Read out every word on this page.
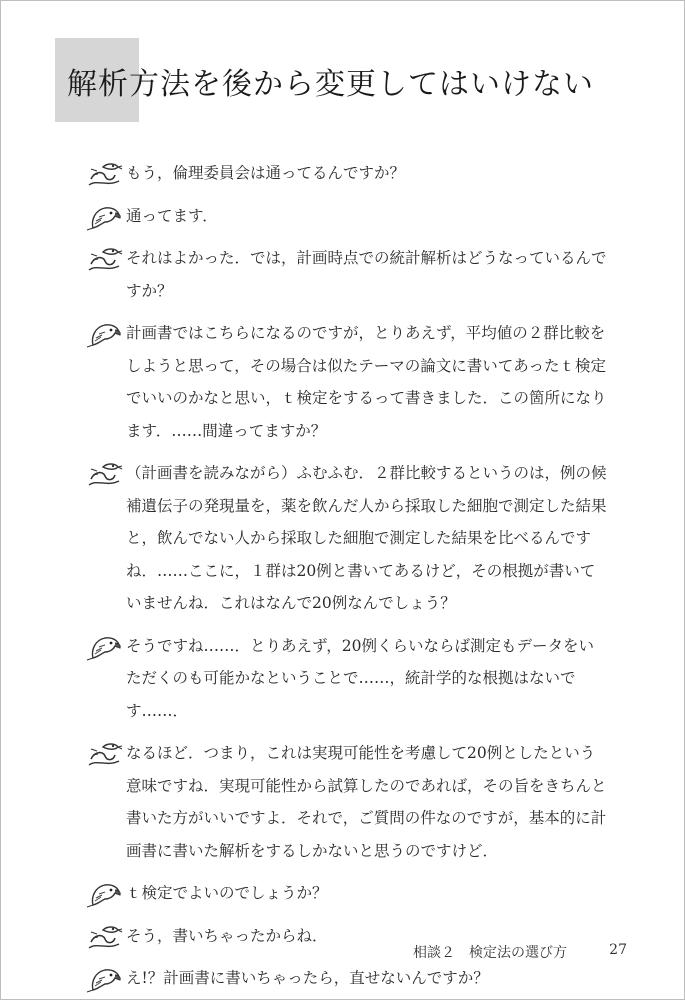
解析方法を後から変更してはいけない

もう，倫理委員会は通ってるんですか？

通ってます．

それはよかった．では，計画時点での統計解析はどうなっているんですか？

計画書ではこちらになるのですが，とりあえず，平均値の２群比較をしようと思って，その場合は似たテーマの論文に書いてあったｔ検定でいいのかなと思い，ｔ検定をするって書きました．この箇所になります．……間違ってますか？

（計画書を読みながら）ふむふむ．２群比較するというのは，例の候補遺伝子の発現量を，薬を飲んだ人から採取した細胞で測定した結果と，飲んでない人から採取した細胞で測定した結果を比べるんですね．……ここに，１群は20例と書いてあるけど，その根拠が書いていませんね．これはなんで20例なんでしょう？

そうですね……．とりあえず，20例くらいならば測定もデータをいただくのも可能かなということで……，統計学的な根拠はないです……．

なるほど．つまり，これは実現可能性を考慮して20例としたという意味ですね．実現可能性から試算したのであれば，その旨をきちんと書いた方がいいですよ．それで，ご質問の件なのですが，基本的に計画書に書いた解析をするしかないと思うのですけど．

ｔ検定でよいのでしょうか？

そう，書いちゃったからね．

え!？計画書に書いちゃったら，直せないんですか？

相談２　検定法の選び方	27
